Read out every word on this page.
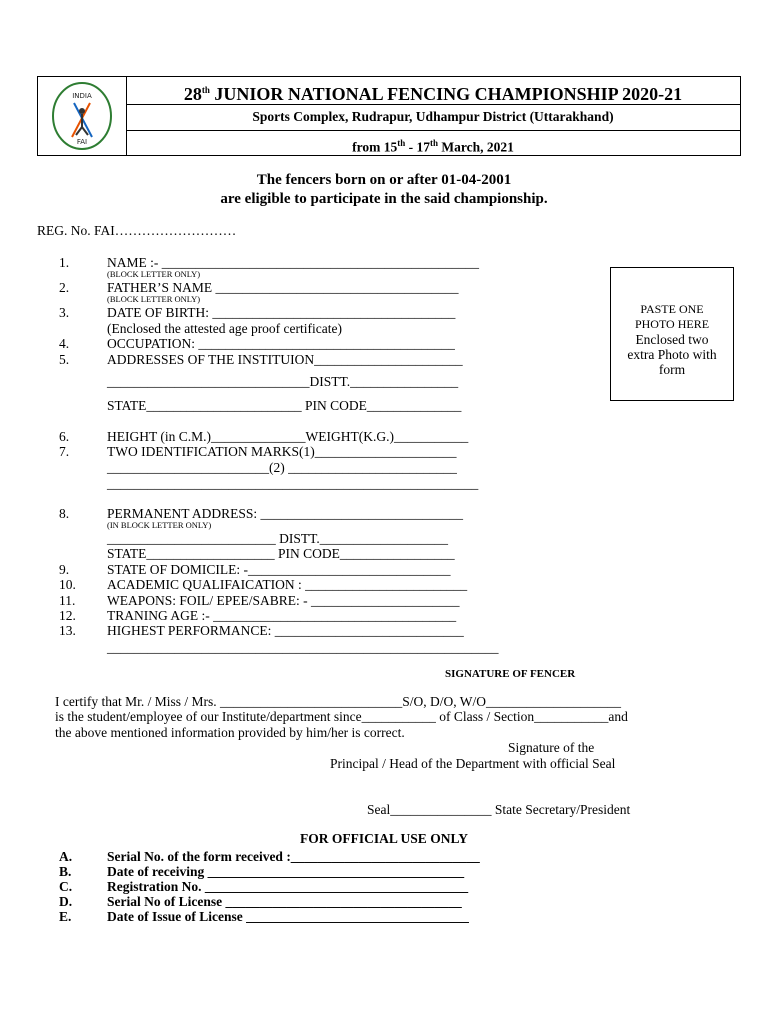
INDIA
FAI
28th JUNIOR NATIONAL FENCING CHAMPIONSHIP 2020-21
Sports Complex, Rudrapur, Udhampur District (Uttarakhand)
from 15th - 17th March, 2021
The fencers born on or after 01-04-2001
are eligible to participate in the said championship.
REG. No. FAI………………………
PASTE ONE
PHOTO HERE
Enclosed two
extra Photo with
form
1.	NAME :- _______________________________________________
(BLOCK LETTER ONLY)
2.	FATHER’S NAME ____________________________________
(BLOCK LETTER ONLY)
3.	DATE OF BIRTH: ____________________________________
(Enclosed the attested age proof certificate)
4.	OCCUPATION: ______________________________________
5.	ADDRESSES OF THE INSTITUION______________________
______________________________DISTT.________________
STATE_______________________ PIN CODE______________
6.	HEIGHT (in C.M.)______________WEIGHT(K.G.)___________
7.	TWO IDENTIFICATION MARKS(1)_____________________
________________________(2) _________________________
_______________________________________________________
8.	PERMANENT ADDRESS: ______________________________
(IN BLOCK LETTER ONLY)
_________________________ DISTT.___________________
STATE___________________ PIN CODE_________________
9.	STATE OF DOMICILE: -______________________________
10. ACADEMIC QUALIFAICATION : ________________________
11. WEAPONS: FOIL/ EPEE/SABRE: - ______________________
12. TRANING AGE :- ____________________________________
13. HIGHEST PERFORMANCE: ____________________________
__________________________________________________________
SIGNATURE OF FENCER
I certify that Mr. / Miss / Mrs. ___________________________S/O, D/O, W/O____________________
is the student/employee of our Institute/department since___________ of Class / Section___________and
the above mentioned information provided by him/her is correct.
Signature of the
Principal / Head of the Department with official Seal
Seal_______________ State Secretary/President
FOR OFFICIAL USE ONLY
A.	Serial No. of the form received :____________________________
B.	Date of receiving ______________________________________
C.	Registration No. _______________________________________
D.	Serial No of License ___________________________________
E.	Date of Issue of License _________________________________
